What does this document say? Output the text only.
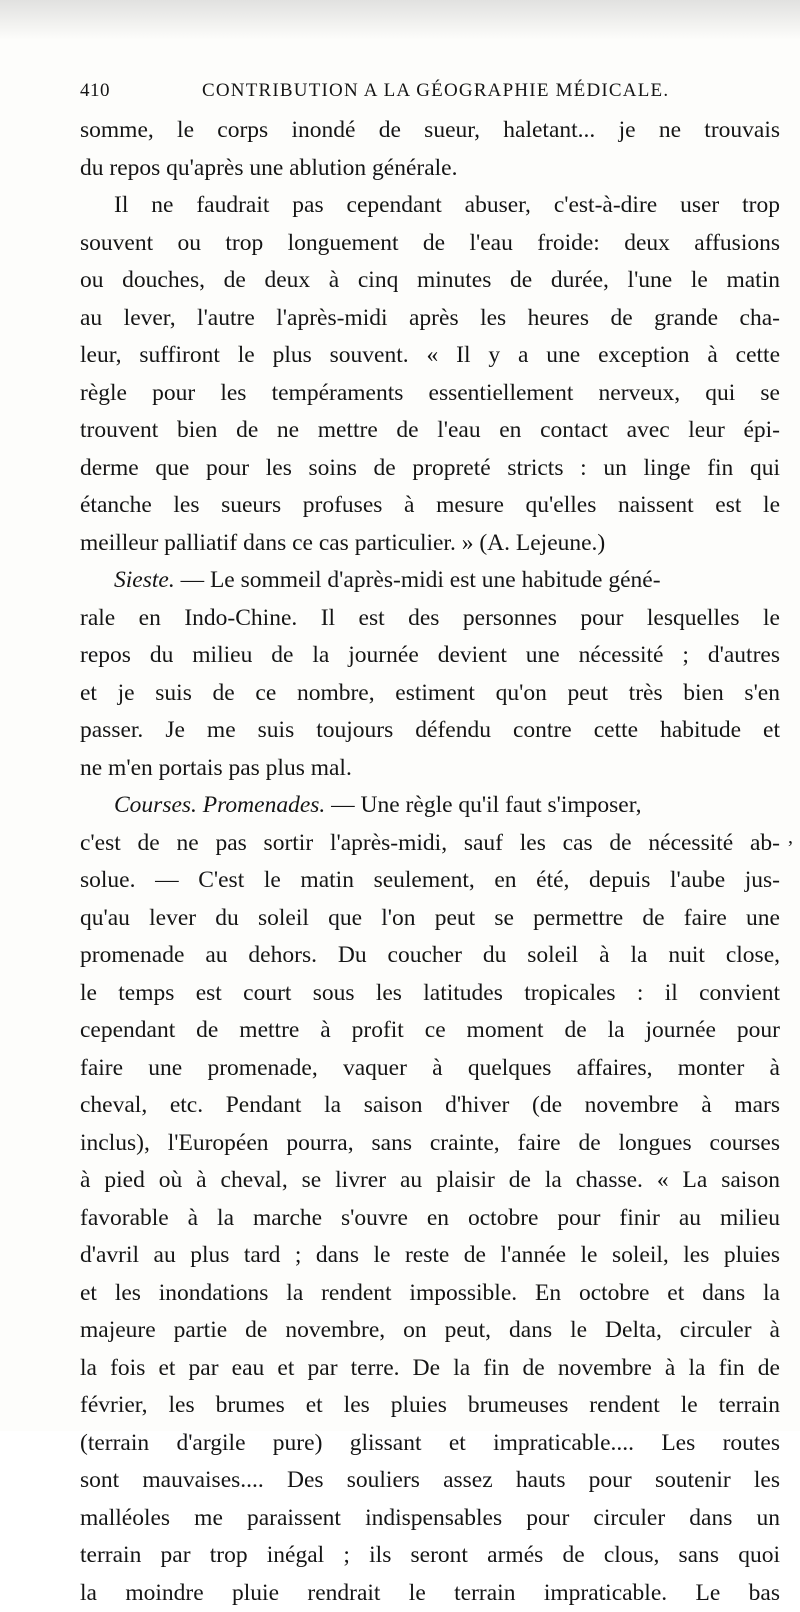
410	CONTRIBUTION A LA GÉOGRAPHIE MÉDICALE.
somme, le corps inondé de sueur, haletant... je ne trouvais
du repos qu'après une ablution générale.
Il ne faudrait pas cependant abuser, c'est-à-dire user trop
souvent ou trop longuement de l'eau froide: deux affusions
ou douches, de deux à cinq minutes de durée, l'une le matin
au lever, l'autre l'après-midi après les heures de grande cha-
leur, suffiront le plus souvent. « Il y a une exception à cette
règle pour les tempéraments essentiellement nerveux, qui se
trouvent bien de ne mettre de l'eau en contact avec leur épi-
derme que pour les soins de propreté stricts : un linge fin qui
étanche les sueurs profuses à mesure qu'elles naissent est le
meilleur palliatif dans ce cas particulier. » (A. Lejeune.)
Sieste. — Le sommeil d'après-midi est une habitude géné-
rale en Indo-Chine. Il est des personnes pour lesquelles le
repos du milieu de la journée devient une nécessité ; d'autres
et je suis de ce nombre, estiment qu'on peut très bien s'en
passer. Je me suis toujours défendu contre cette habitude et
ne m'en portais pas plus mal.
Courses. Promenades. — Une règle qu'il faut s'imposer,
c'est de ne pas sortir l'après-midi, sauf les cas de nécessité ab-
solue. — C'est le matin seulement, en été, depuis l'aube jus-
qu'au lever du soleil que l'on peut se permettre de faire une
promenade au dehors. Du coucher du soleil à la nuit close,
le temps est court sous les latitudes tropicales : il convient
cependant de mettre à profit ce moment de la journée pour
faire une promenade, vaquer à quelques affaires, monter à
cheval, etc. Pendant la saison d'hiver (de novembre à mars
inclus), l'Européen pourra, sans crainte, faire de longues courses
à pied où à cheval, se livrer au plaisir de la chasse. « La saison
favorable à la marche s'ouvre en octobre pour finir au milieu
d'avril au plus tard ; dans le reste de l'année le soleil, les pluies
et les inondations la rendent impossible. En octobre et dans la
majeure partie de novembre, on peut, dans le Delta, circuler à
la fois et par eau et par terre. De la fin de novembre à la fin de
février, les brumes et les pluies brumeuses rendent le terrain
(terrain d'argile pure) glissant et impraticable.... Les routes
sont mauvaises.... Des souliers assez hauts pour soutenir les
malléoles me paraissent indispensables pour circuler dans un
terrain par trop inégal ; ils seront armés de clous, sans quoi
la moindre pluie rendrait le terrain impraticable. Le bas
,
